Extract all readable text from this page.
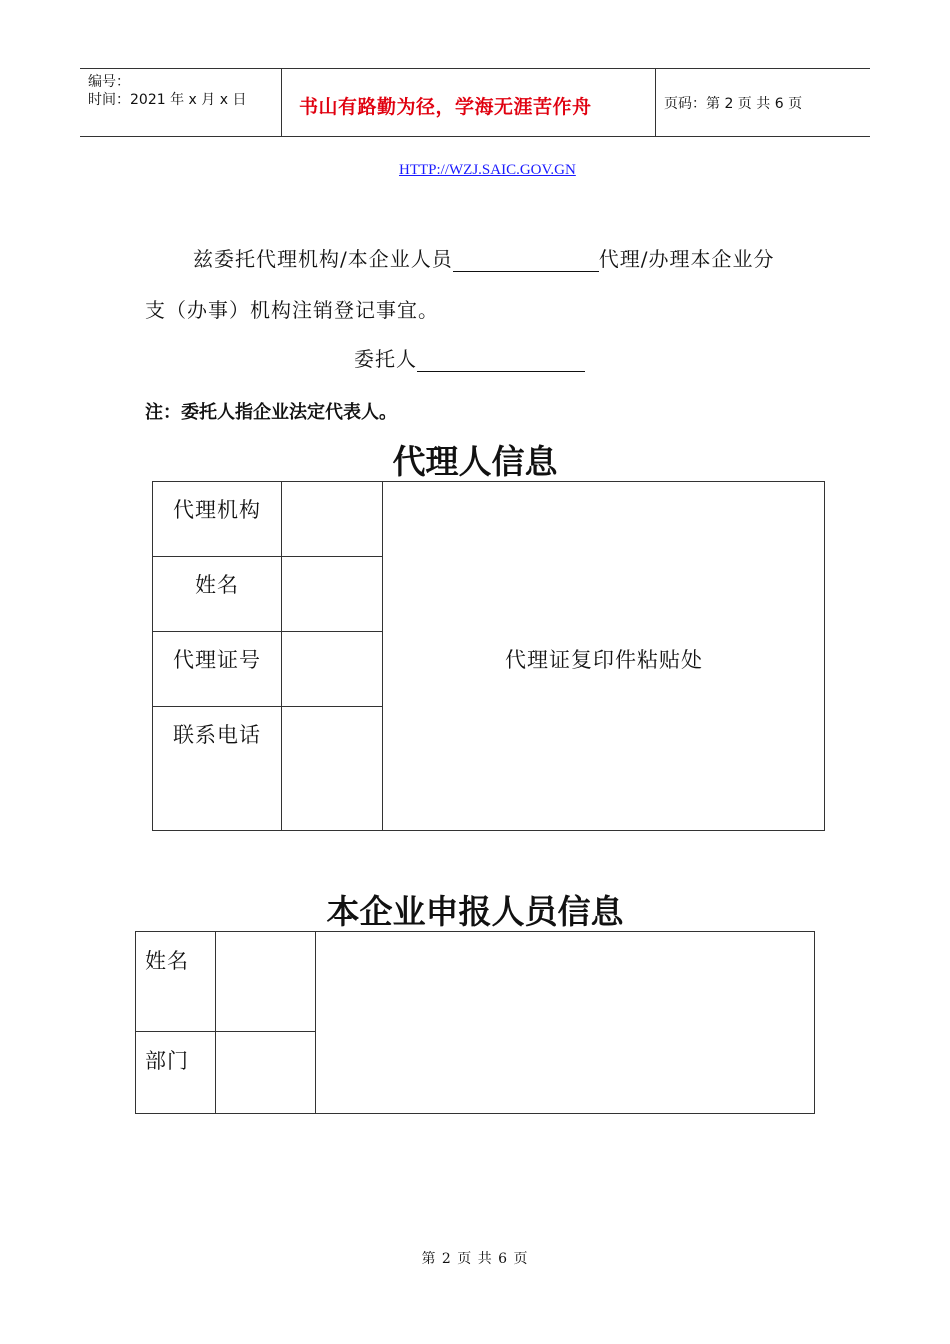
编号：
时间：2021 年 x 月 x 日	书山有路勤为径，学海无涯苦作舟	页码：第 2 页 共 6 页
HTTP://WZJ.SAIC.GOV.GN
兹委托代理机构/本企业人员	代理/办理本企业分
支（办事）机构注销登记事宜。
委托人
注：委托人指企业法定代表人。
代理人信息
代理机构
姓名
代理证号
联系电话
代理证复印件粘贴处
本企业申报人员信息
姓名
部门
第 2 页 共 6 页
